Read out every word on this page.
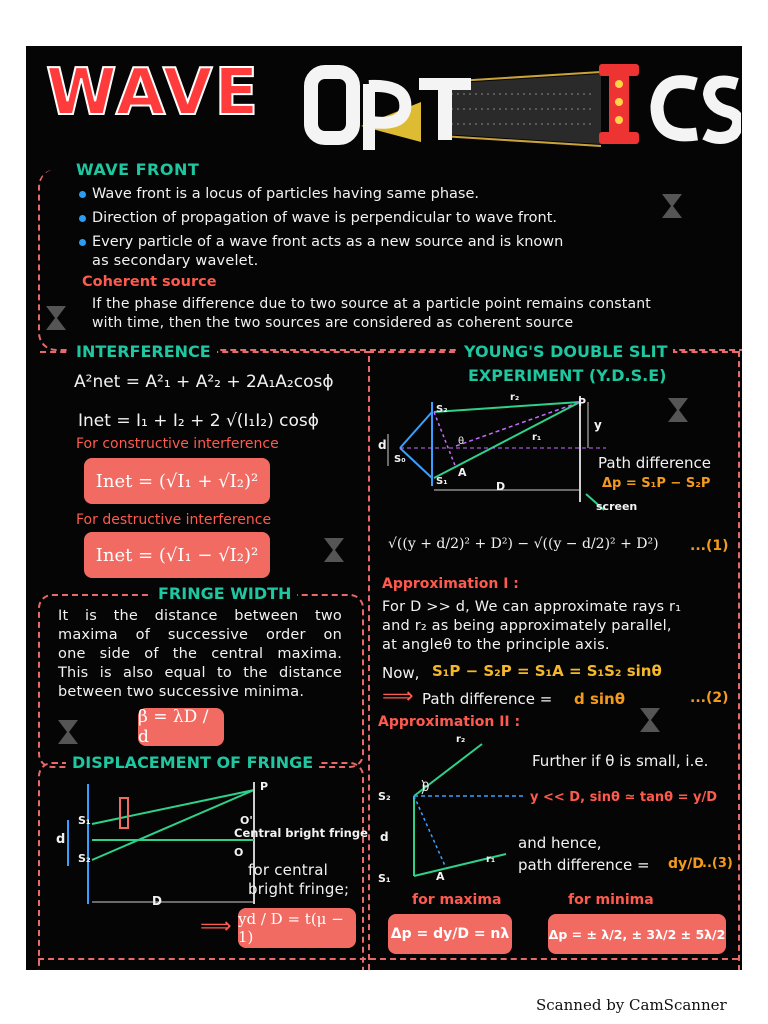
WAVE
WAVE FRONT
Wave front is a locus of particles having same phase.
Direction of propagation of wave is perpendicular to wave front.
Every particle of a wave front acts as a new source and is known
as secondary wavelet.
Coherent source
If the phase difference due to two source at a particle point remains constant
with time, then the two sources are considered as coherent source
INTERFERENCE
A²net = A²₁ + A²₂ + 2A₁A₂cosϕ
Inet = I₁ + I₂ + 2 √(I₁I₂) cosϕ
For constructive interference
Inet = (√I₁ + √I₂)²
For destructive interference
Inet = (√I₁ − √I₂)²
FRINGE WIDTH
It is the distance between two
maxima of successive order on
one side of the central maxima.
This is also equal to the distance
between two successive minima.
β = λD / d
DISPLACEMENT OF FRINGE
S₁
S₂
d
D
P
O'
Central bright fringe
O
for central
bright fringe;
⟹ yd / D = t(μ − 1)
YOUNG'S DOUBLE SLIT
EXPERIMENT (Y.D.S.E)
S₂
S₁
S₀
d
P
y
r₂
r₁
θ
A
D
screen
Path difference
Δp = S₁P − S₂P
√((y + d/2)² + D²) − √((y − d/2)² + D²) ...(1)
Approximation I :
For D >> d, We can approximate rays r₁
and r₂ as being approximately parallel,
at angleθ to the principle axis.
Now, S₁P − S₂P = S₁A = S₁S₂ sinθ
⟹ Path difference = d sinθ	...(2)
Approximation II :
r₂
S₂
θ
d
S₁	A
r₁
Further if θ is small, i.e.
y << D, sinθ ≃ tanθ = y/D
and hence,
path difference = dy/D
..(3)
for maxima
Δp = dy/D = nλ
for minima
Δp = ± λ/2, ± 3λ/2 ± 5λ/2
Scanned by CamScanner
